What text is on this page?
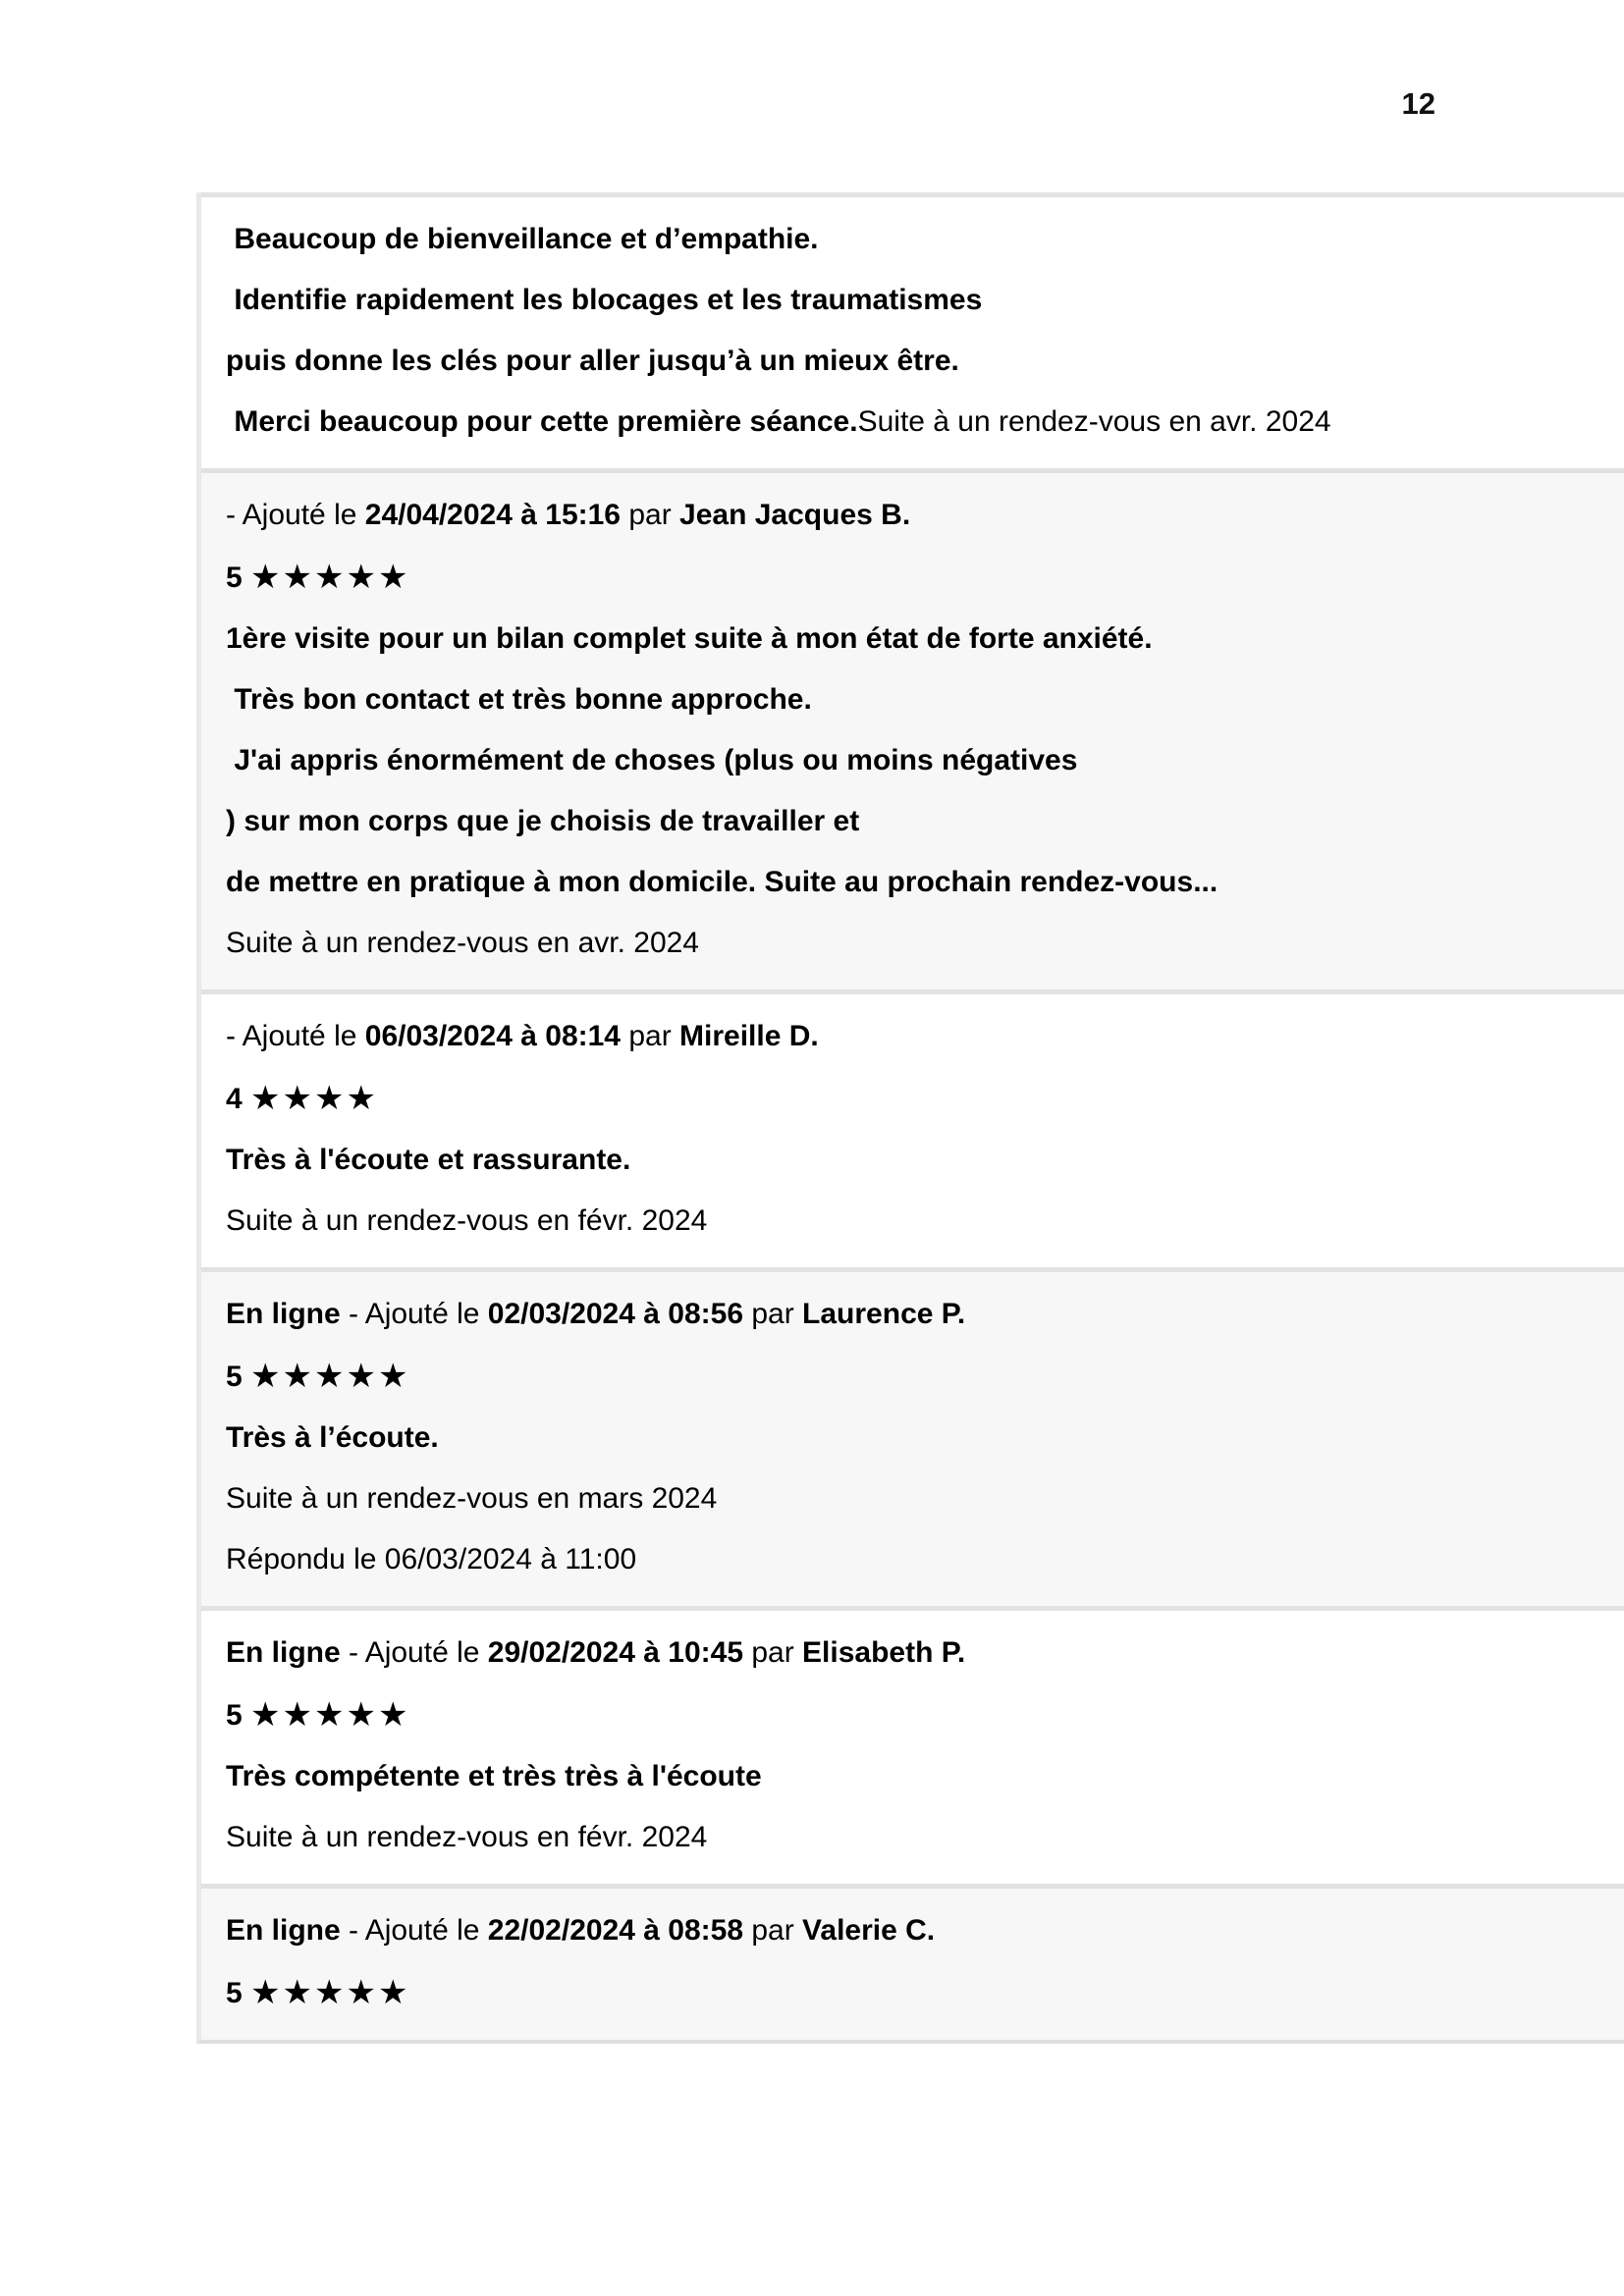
12

Beaucoup de bienveillance et d’empathie.

Identifie rapidement les blocages et les traumatismes

puis donne les clés pour aller jusqu’à un mieux être.

Merci beaucoup pour cette première séance.Suite à un rendez-vous en avr. 2024

- Ajouté le 24/04/2024 à 15:16 par Jean Jacques B.

5 ★★★★★

1ère visite pour un bilan complet suite à mon état de forte anxiété.

Très bon contact et très bonne approche.

J'ai appris énormément de choses (plus ou moins négatives

) sur mon corps que je choisis de travailler et

de mettre en pratique à mon domicile. Suite au prochain rendez-vous...

Suite à un rendez-vous en avr. 2024

- Ajouté le 06/03/2024 à 08:14 par Mireille D.

4 ★★★★

Très à l'écoute et rassurante.

Suite à un rendez-vous en févr. 2024

En ligne - Ajouté le 02/03/2024 à 08:56 par Laurence P.

5 ★★★★★

Très à l’écoute.

Suite à un rendez-vous en mars 2024

Répondu le 06/03/2024 à 11:00

En ligne - Ajouté le 29/02/2024 à 10:45 par Elisabeth P.

5 ★★★★★

Très compétente et très très à l'écoute

Suite à un rendez-vous en févr. 2024

En ligne - Ajouté le 22/02/2024 à 08:58 par Valerie C.

5 ★★★★★
